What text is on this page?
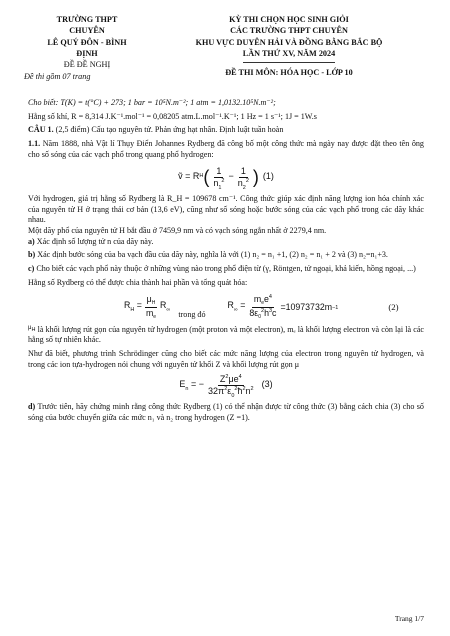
TRƯỜNG THPT
CHUYÊN
LÊ QUÝ ĐÔN - BÌNH
ĐỊNH
ĐỀ ĐỀ NGHỊ
Đề thi gồm 07 trang
KỲ THI CHỌN HỌC SINH GIỎI
CÁC TRƯỜNG THPT CHUYÊN
KHU VỰC DUYÊN HẢI VÀ ĐỒNG BẰNG BẮC BỘ
LẦN THỨ XV, NĂM 2024
ĐỀ THI MÔN: HÓA HỌC - LỚP 10

Cho biết: T(K) = t(°C) + 273; 1 bar = 10⁵N.m⁻²; 1 atm = 1,0132.10⁵N.m⁻²;

Hằng số khí, R = 8,314 J.K⁻¹.mol⁻¹ = 0,08205 atm.L.mol⁻¹.K⁻¹; 1 Hz = 1 s⁻¹; 1J = 1W.s

CÂU 1. (2,5 điểm) Cấu tạo nguyên tử. Phản ứng hạt nhân. Định luật tuần hoàn

1.1. Năm 1888, nhà Vật lí Thụy Điển Johannes Rydberg đã công bố một công thức mà ngày nay được đặt theo tên ông cho số sóng của các vạch phổ trong quang phổ hydrogen:

ṽ = R H ( $\frac{1}{n_1^2} - \frac{1}{n_2^2}$ ) (1)

Với hydrogen, giá trị hằng số Rydberg là R_H = 109678 cm⁻¹. Công thức giúp xác định năng lượng ion hóa chính xác của nguyên tử H ở trạng thái cơ bản (13,6 eV), cũng như số sóng hoặc bước sóng của các vạch phổ trong các dãy khác nhau.

Một dãy phổ của nguyên tử H bắt đầu ở 7459,9 nm và có vạch sóng ngắn nhất ở 2279,4 nm.

a) Xác định số lượng tử n của dãy này.

b) Xác định bước sóng của ba vạch đầu của dãy này, nghĩa là với (1) n₂ = n₁ +1, (2) n₂ = n₁ + 2 và (3) n₂=n₁+3.

c) Cho biết các vạch phổ này thuộc ở những vùng nào trong phổ điện từ (γ, Röntgen, tử ngoại, khả kiến, hồng ngoại, ...)

Hằng số Rydberg có thể được chia thành hai phần và tổng quát hóa:

$R_H = \frac{\mu_H}{m_e} R_\infty$ trong đó
$R_\infty = \frac{m_ee^4}{8\varepsilon_0^2h^3c} =10973732m -1$	(2)

$^{\mu_H}$ là khối lượng rút gọn của nguyên tử hydrogen (một proton và một electron), mₑ là khối lượng electron và còn lại là các hằng số tự nhiên khác.

Như đã biết, phương trình Schrödinger cũng cho biết các mức năng lượng của electron trong nguyên tử hydrogen, và trong các ion tựa-hydrogen nói chung với nguyên tử khối Z và khối lượng rút gọn μ

$E_n$ = − $\frac{Z^2\mu e^4}{32\pi^2\varepsilon_0^2ħ^2n^2} (3)$

d) Trước tiên, hãy chứng minh rằng công thức Rydberg (1) có thể nhận được từ công thức (3) bằng cách chia (3) cho số sóng của bước chuyển giữa các mức n₁ và n₂ trong hydrogen (Z =1).

Trang 1/7
